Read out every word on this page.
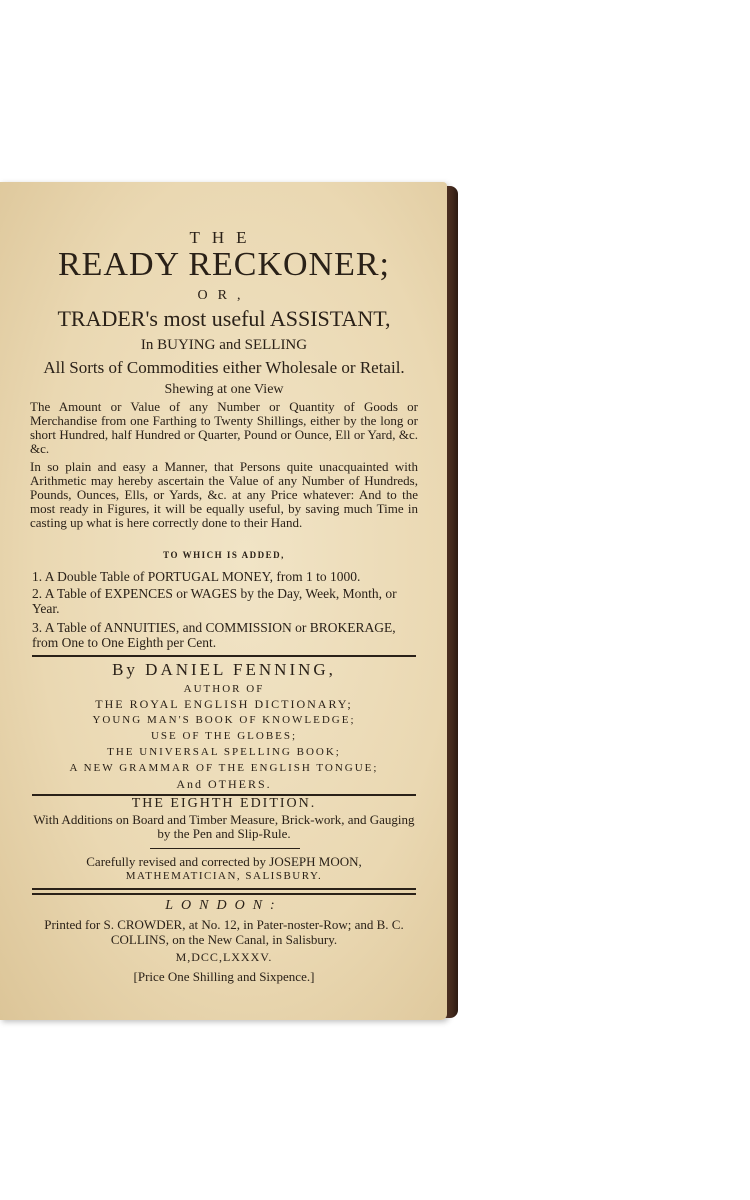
THE

READY RECKONER;

OR,

TRADER's most useful ASSISTANT,

In BUYING and SELLING

All Sorts of Commodities either Wholesale or Retail.

Shewing at one View

The Amount or Value of any Number or Quantity of Goods or Merchandise from one Farthing to Twenty Shillings, either by the long or short Hundred, half Hundred or Quarter, Pound or Ounce, Ell or Yard, &c. &c.

In so plain and easy a Manner, that Persons quite unacquainted with Arithmetic may hereby ascertain the Value of any Number of Hundreds, Pounds, Ounces, Ells, or Yards, &c. at any Price whatever: And to the most ready in Figures, it will be equally useful, by saving much Time in casting up what is here correctly done to their Hand.

TO WHICH IS ADDED,

1. A Double Table of PORTUGAL MONEY, from 1 to 1000.

2. A Table of EXPENCES or WAGES by the Day, Week, Month, or Year.

3. A Table of ANNUITIES, and COMMISSION or BROKERAGE, from One to One Eighth per Cent.

By DANIEL FENNING,

AUTHOR OF

THE ROYAL ENGLISH DICTIONARY;

YOUNG MAN'S BOOK OF KNOWLEDGE;

USE OF THE GLOBES;

THE UNIVERSAL SPELLING BOOK;

A NEW GRAMMAR OF THE ENGLISH TONGUE;

And OTHERS.

THE EIGHTH EDITION.

With Additions on Board and Timber Measure, Brick-work, and Gauging by the Pen and Slip-Rule.

Carefully revised and corrected by JOSEPH MOON,

MATHEMATICIAN, SALISBURY.

LONDON:

Printed for S. CROWDER, at No. 12, in Pater-noster-Row; and B. C. COLLINS, on the New Canal, in Salisbury.

M,DCC,LXXXV.

[Price One Shilling and Sixpence.]
